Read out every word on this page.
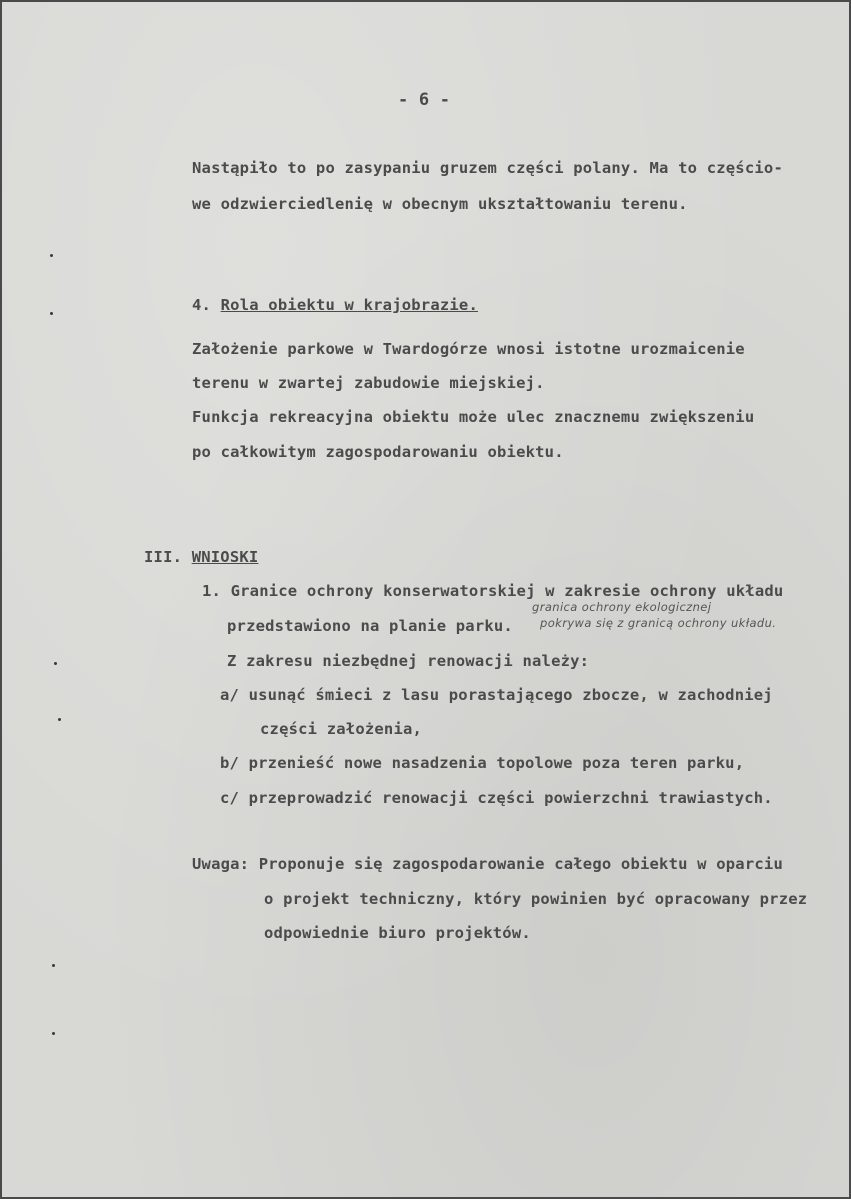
- 6 -
Nastąpiło to po zasypaniu gruzem części polany. Ma to częścio-
we odzwierciedlenię w obecnym ukształtowaniu terenu.
4. Rola obiektu w krajobrazie.
Założenie parkowe w Twardogórze wnosi istotne urozmaicenie
terenu w zwartej zabudowie miejskiej.
Funkcja rekreacyjna obiektu może ulec znacznemu zwiększeniu
po całkowitym zagospodarowaniu obiektu.
III. WNIOSKI
1. Granice ochrony konserwatorskiej w zakresie ochrony układu
przedstawiono na planie parku.
granica ochrony ekologicznej
pokrywa się z granicą ochrony układu.
Z zakresu niezbędnej renowacji należy:
a/ usunąć śmieci z lasu porastającego zbocze, w zachodniej
części założenia,
b/ przenieść nowe nasadzenia topolowe poza teren parku,
c/ przeprowadzić renowacji części powierzchni trawiastych.
Uwaga: Proponuje się zagospodarowanie całego obiektu w oparciu
o projekt techniczny, który powinien być opracowany przez
odpowiednie biuro projektów.
